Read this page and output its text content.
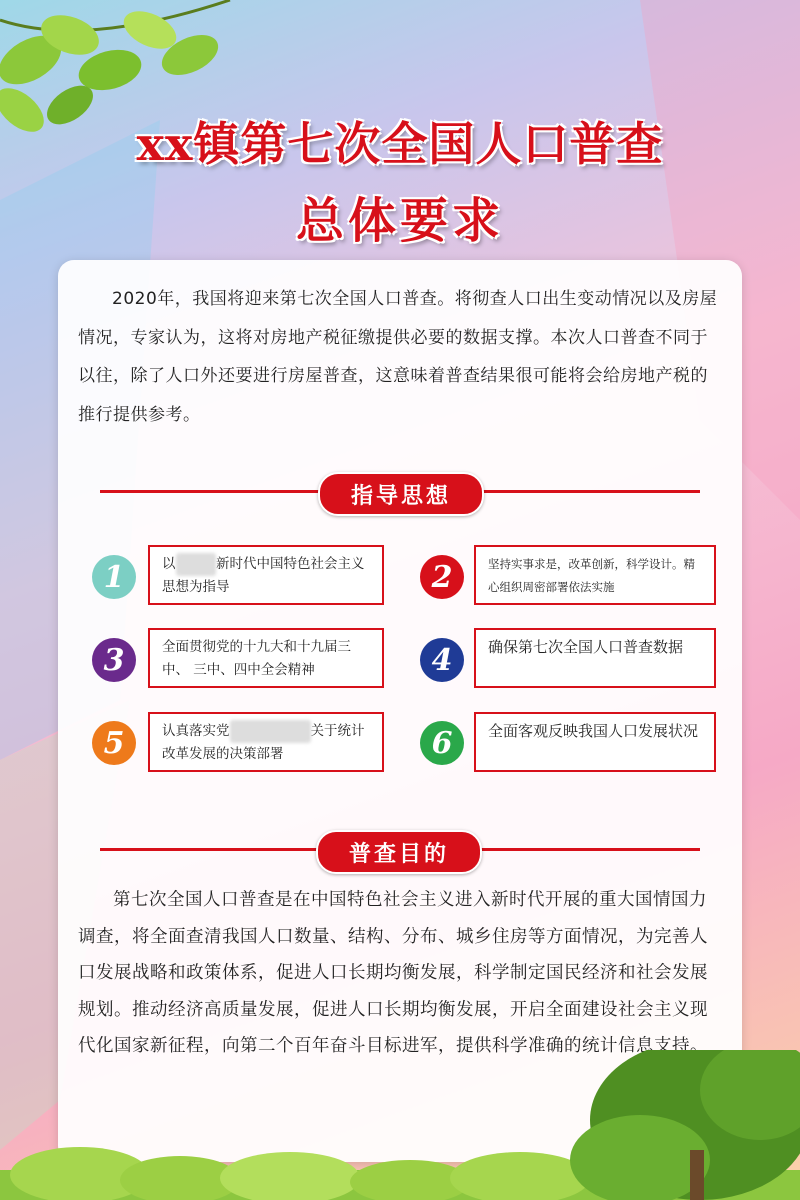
xx镇第七次全国人口普查
总体要求

2020年，我国将迎来第七次全国人口普查。将彻查人口出生变动情况以及房屋情况，专家认为，这将对房地产税征缴提供必要的数据支撑。本次人口普查不同于以往，除了人口外还要进行房屋普查，这意味着普查结果很可能将会给房地产税的推行提供参考。

指导思想
1	以	新时代中国特色社会主义思想为指导	2	坚持实事求是，改革创新，科学设计。精心组织周密部署依法实施
3	全面贯彻党的十九大和十九届三中、 三中、四中全会精神	4	确保第七次全国人口普查数据
5	认真落实党	关于统计改革发展的决策部署	6	全面客观反映我国人口发展状况
普查目的

第七次全国人口普查是在中国特色社会主义进入新时代开展的重大国情国力调查，将全面查清我国人口数量、结构、分布、城乡住房等方面情况，为完善人口发展战略和政策体系，促进人口长期均衡发展，科学制定国民经济和社会发展规划。推动经济高质量发展，促进人口长期均衡发展，开启全面建设社会主义现代化国家新征程，向第二个百年奋斗目标进军，提供科学准确的统计信息支持。
